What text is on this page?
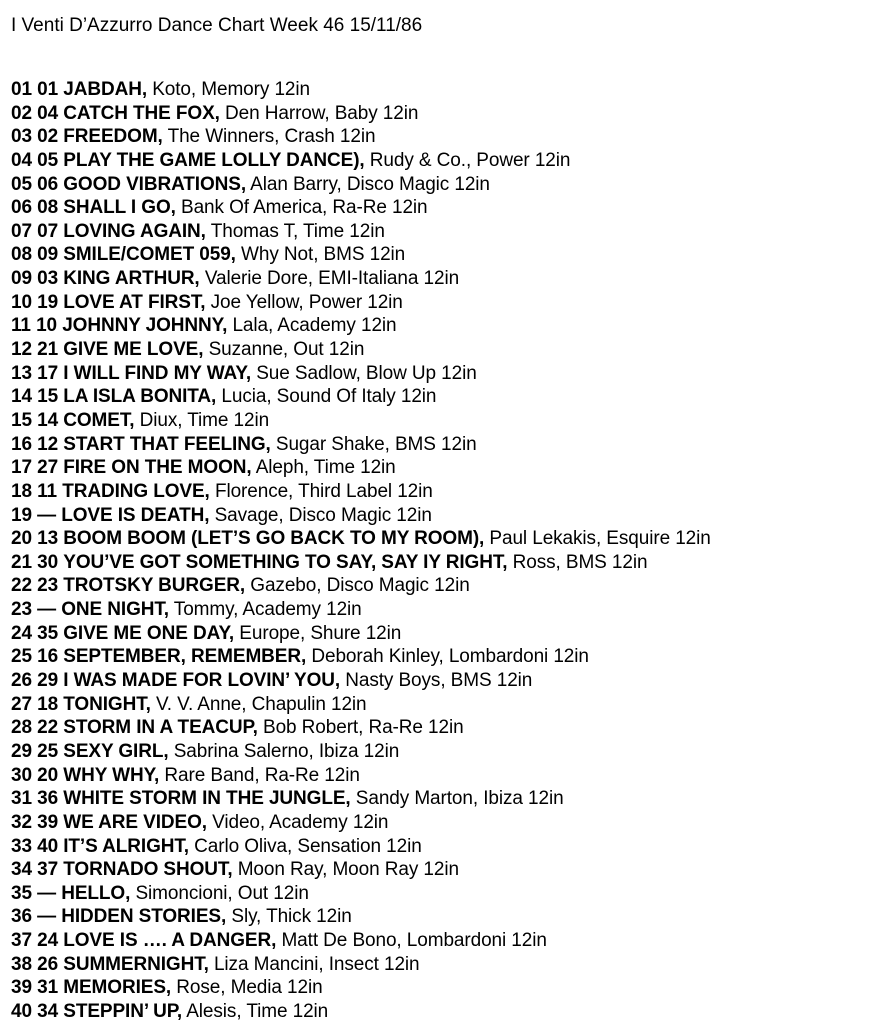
I Venti D’Azzurro Dance Chart Week 46 15/11/86
01 01 JABDAH, Koto, Memory 12in
02 04 CATCH THE FOX, Den Harrow, Baby 12in
03 02 FREEDOM, The Winners, Crash 12in
04 05 PLAY THE GAME LOLLY DANCE), Rudy & Co., Power 12in
05 06 GOOD VIBRATIONS, Alan Barry, Disco Magic 12in
06 08 SHALL I GO, Bank Of America, Ra-Re 12in
07 07 LOVING AGAIN, Thomas T, Time 12in
08 09 SMILE/COMET 059, Why Not, BMS 12in
09 03 KING ARTHUR, Valerie Dore, EMI-Italiana 12in
10 19 LOVE AT FIRST, Joe Yellow, Power 12in
11 10 JOHNNY JOHNNY, Lala, Academy 12in
12 21 GIVE ME LOVE, Suzanne, Out 12in
13 17 I WILL FIND MY WAY, Sue Sadlow, Blow Up 12in
14 15 LA ISLA BONITA, Lucia, Sound Of Italy 12in
15 14 COMET, Diux, Time 12in
16 12 START THAT FEELING, Sugar Shake, BMS 12in
17 27 FIRE ON THE MOON, Aleph, Time 12in
18 11 TRADING LOVE, Florence, Third Label 12in
19 — LOVE IS DEATH, Savage, Disco Magic 12in
20 13 BOOM BOOM (LET’S GO BACK TO MY ROOM), Paul Lekakis, Esquire 12in
21 30 YOU’VE GOT SOMETHING TO SAY, SAY IY RIGHT, Ross, BMS 12in
22 23 TROTSKY BURGER, Gazebo, Disco Magic 12in
23 — ONE NIGHT, Tommy, Academy 12in
24 35 GIVE ME ONE DAY, Europe, Shure 12in
25 16 SEPTEMBER, REMEMBER, Deborah Kinley, Lombardoni 12in
26 29 I WAS MADE FOR LOVIN’ YOU, Nasty Boys, BMS 12in
27 18 TONIGHT, V. V. Anne, Chapulin 12in
28 22 STORM IN A TEACUP, Bob Robert, Ra-Re 12in
29 25 SEXY GIRL, Sabrina Salerno, Ibiza 12in
30 20 WHY WHY, Rare Band, Ra-Re 12in
31 36 WHITE STORM IN THE JUNGLE, Sandy Marton, Ibiza 12in
32 39 WE ARE VIDEO, Video, Academy 12in
33 40 IT’S ALRIGHT, Carlo Oliva, Sensation 12in
34 37 TORNADO SHOUT, Moon Ray, Moon Ray 12in
35 — HELLO, Simoncioni, Out 12in
36 — HIDDEN STORIES, Sly, Thick 12in
37 24 LOVE IS …. A DANGER, Matt De Bono, Lombardoni 12in
38 26 SUMMERNIGHT, Liza Mancini, Insect 12in
39 31 MEMORIES, Rose, Media 12in
40 34 STEPPIN’ UP, Alesis, Time 12in
